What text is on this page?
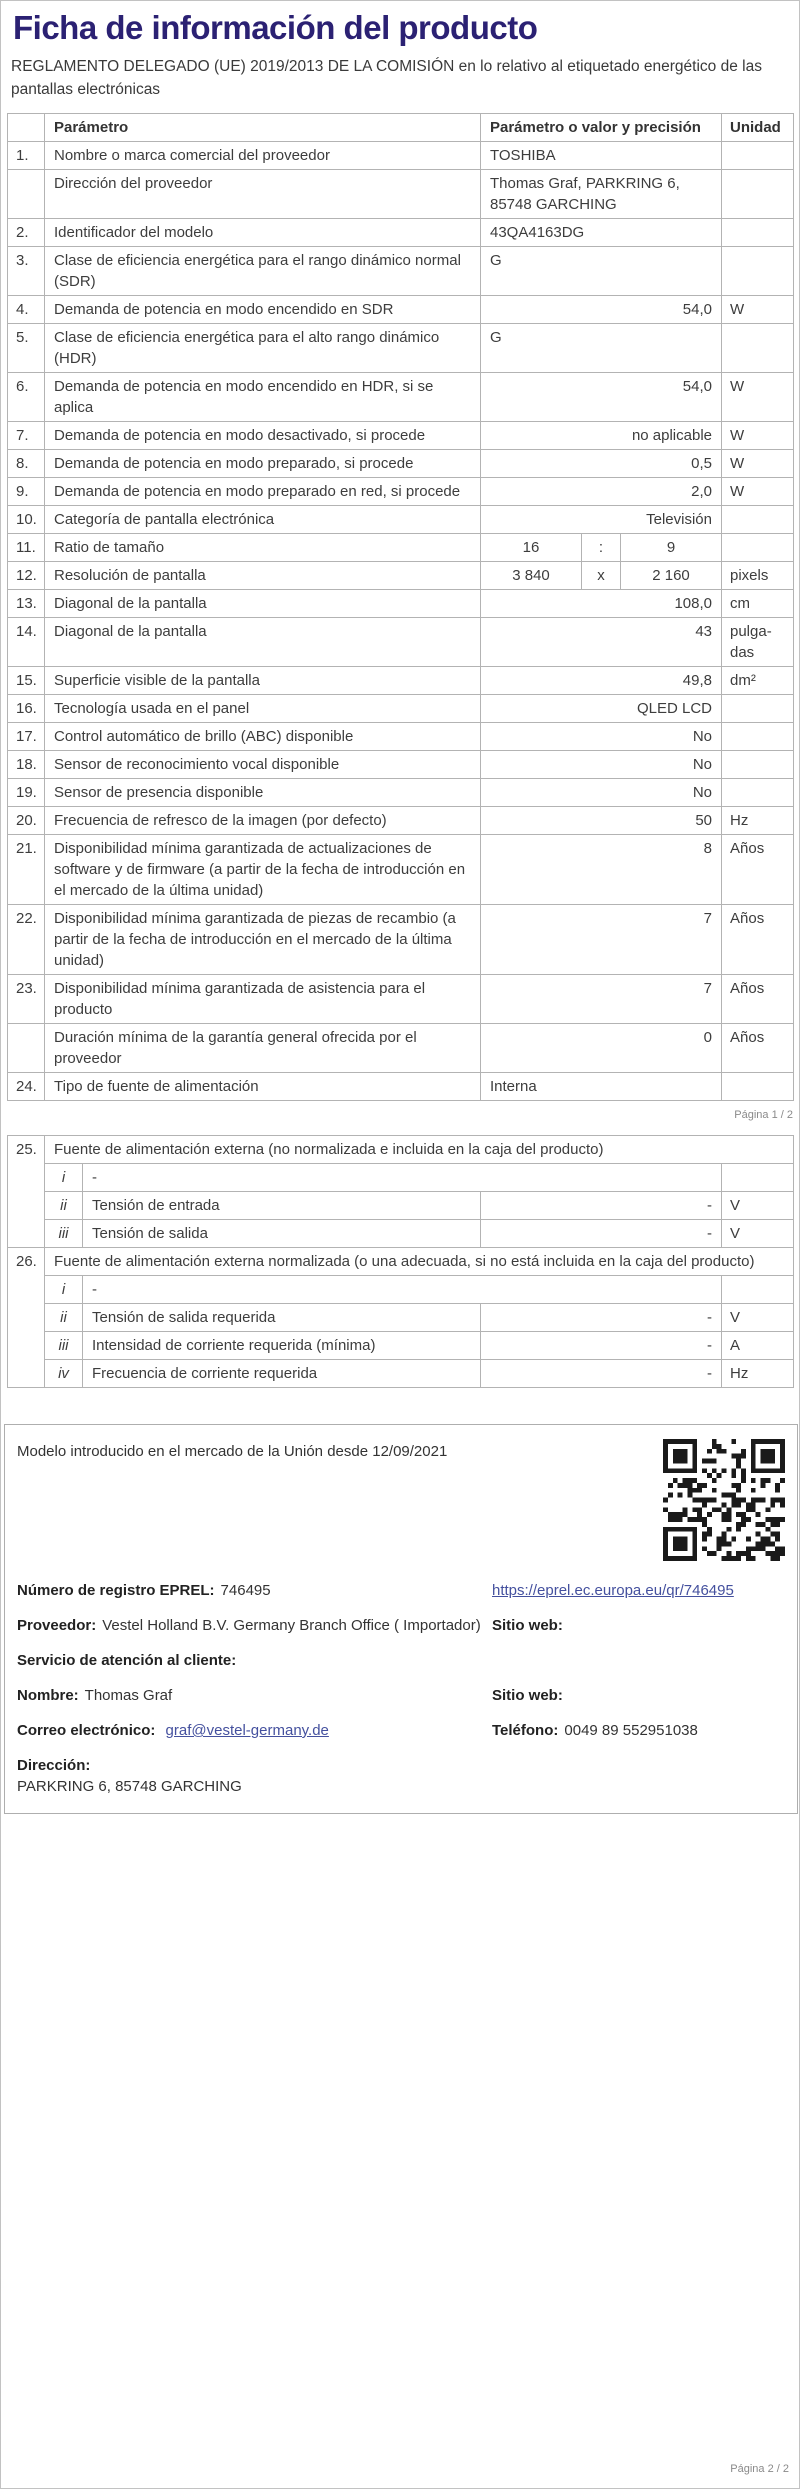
Ficha de información del producto

REGLAMENTO DELEGADO (UE) 2019/2013 DE LA COMISIÓN en lo relativo al etiquetado energético de las pantallas electrónicas

	Parámetro	Parámetro o valor y precisión			Unidad
1.	Nombre o marca comercial del proveedor	TOSHIBA			
	Dirección del proveedor	Thomas Graf, PARKRING 6, 85748 GARCHING			
2.	Identificador del modelo	43QA4163DG			
3.	Clase de eficiencia energética para el rango dinámico normal (SDR)	G			
4.	Demanda de potencia en modo encendido en SDR	54,0			W
5.	Clase de eficiencia energética para el alto rango dinámico (HDR)	G			
6.	Demanda de potencia en modo encendido en HDR, si se aplica	54,0			W
7.	Demanda de potencia en modo desactivado, si procede	no aplicable			W
8.	Demanda de potencia en modo preparado, si procede	0,5			W
9.	Demanda de potencia en modo preparado en red, si procede	2,0			W
10.	Categoría de pantalla electrónica	Televisión			
11.	Ratio de tamaño	16	:	9	
12.	Resolución de pantalla	3 840	x	2 160	pixels
13.	Diagonal de la pantalla	108,0			cm
14.	Diagonal de la pantalla	43			pulgadas
15.	Superficie visible de la pantalla	49,8			dm²
16.	Tecnología usada en el panel	QLED LCD			
17.	Control automático de brillo (ABC) disponible	No			
18.	Sensor de reconocimiento vocal disponible	No			
19.	Sensor de presencia disponible	No			
20.	Frecuencia de refresco de la imagen (por defecto)	50			Hz
21.	Disponibilidad mínima garantizada de actualizaciones de software y de firmware (a partir de la fecha de introducción en el mercado de la última unidad)	8			Años
22.	Disponibilidad mínima garantizada de piezas de recambio (a partir de la fecha de introducción en el mercado de la última unidad)	7			Años
23.	Disponibilidad mínima garantizada de asistencia para el producto	7			Años
	Duración mínima de la garantía general ofrecida por el proveedor	0			Años
24.	Tipo de fuente de alimentación	Interna			
Página 1 / 2
25.	Fuente de alimentación externa (no normalizada e incluida en la caja del producto)			
	i	-		
	ii	Tensión de entrada	-	V
	iii	Tensión de salida	-	V
26.	Fuente de alimentación externa normalizada (o una adecuada, si no está incluida en la caja del producto)			
	i	-		
	ii	Tensión de salida requerida	-	V
	iii	Intensidad de corriente requerida (mínima)	-	A
	iv	Frecuencia de corriente requerida	-	Hz
Modelo introducido en el mercado de la Unión desde 12/09/2021
Número de registro EPREL: 746495	https://eprel.ec.europa.eu/qr/746495
Proveedor: Vestel Holland B.V. Germany Branch Office ( Importador) Sitio web:
Servicio de atención al cliente:
Nombre: Thomas Graf	Sitio web:
Correo electrónico: graf@vestel-germany.de	Teléfono: 0049 89 552951038
Dirección:
PARKRING 6, 85748 GARCHING
Página 2 / 2
